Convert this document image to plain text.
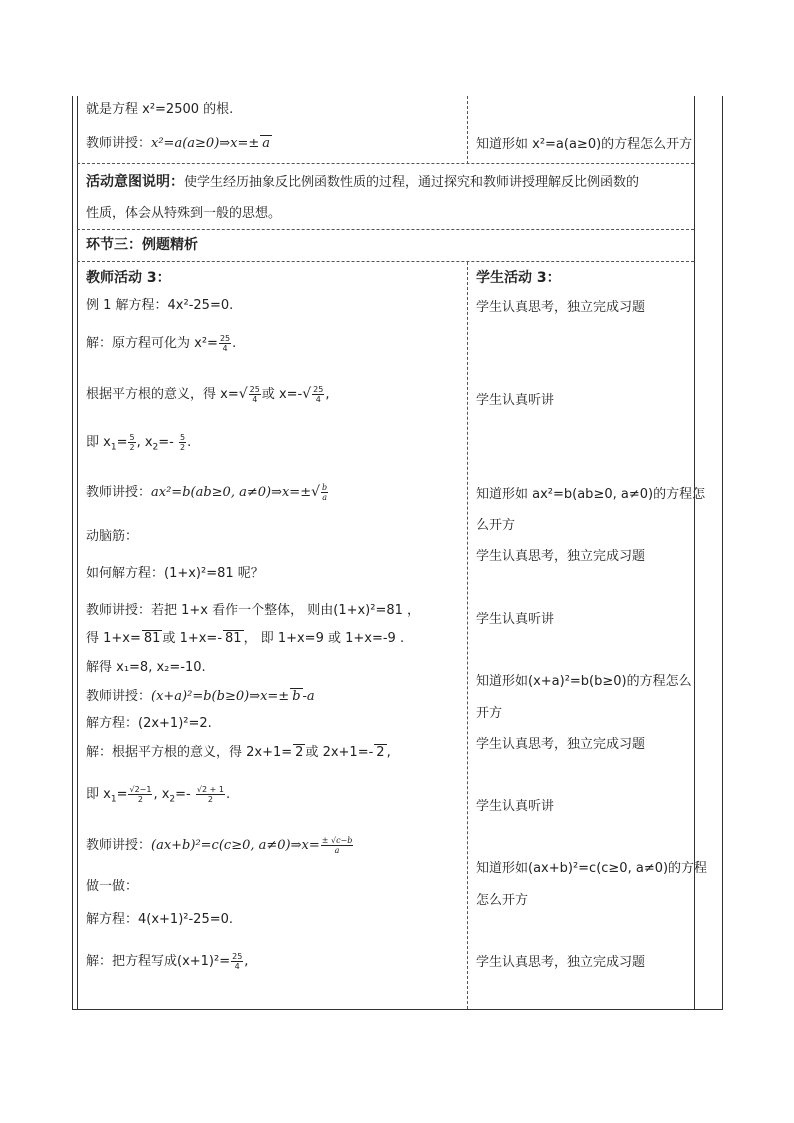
就是方程 x²=2500 的根.
教师讲授：x²=a(a≥0)⇒x=± a	知道形如 x²=a(a≥0)的方程怎么开方
活动意图说明：使学生经历抽象反比例函数性质的过程，通过探究和教师讲授理解反比例函数的
性质，体会从特殊到一般的思想。
环节三：例题精析
教师活动 3：	学生活动 3：
例 1 解方程：4x²-25=0.
解：原方程可化为 $x^2= \frac{25}{4}$ .
根据平方根的意义，得 $x=√ \frac{25}{4}$ 或 $x=-√ \frac{25}{4}$ ,
即 $x_1= \frac{5}{2}$ , $x_2=- \frac{5}{2}$ .
教师讲授：ax²=b(ab≥0, a≠0)⇒x=±√ $\frac{b}{a}$
动脑筋：
如何解方程：(1+x)²=81 呢？
教师讲授：若把 1+x 看作一个整体， 则由(1+x)²=81 ，
得 1+x= 81 或 1+x=- 81 ， 即 1+x=9 或 1+x=-9 .
解得 x₁=8, x₂=-10.
教师讲授：(x+a)²=b(b≥0)⇒x=± b -a
解方程：(2x+1)²=2.
解：根据平方根的意义，得 2x+1= 2 或 2x+1=- 2 ,
即 $x_1= \frac{√2-1}{2}$ , $x_2=- \frac{√2 + 1}{2}$ .
教师讲授：(ax+b)²=c(c≥0, a≠0)⇒x= $\frac{\pm √c-b}{a}$
做一做：
解方程：4(x+1)²-25=0.
解：把方程写成$(x+1)^2= \frac{25}{4}$ ,
学生认真思考，独立完成习题
学生认真听讲
知道形如 ax²=b(ab≥0, a≠0)的方程怎
么开方
学生认真思考，独立完成习题
学生认真听讲
知道形如(x+a)²=b(b≥0)的方程怎么
开方
学生认真思考，独立完成习题
学生认真听讲
知道形如(ax+b)²=c(c≥0, a≠0)的方程
怎么开方
学生认真思考，独立完成习题
